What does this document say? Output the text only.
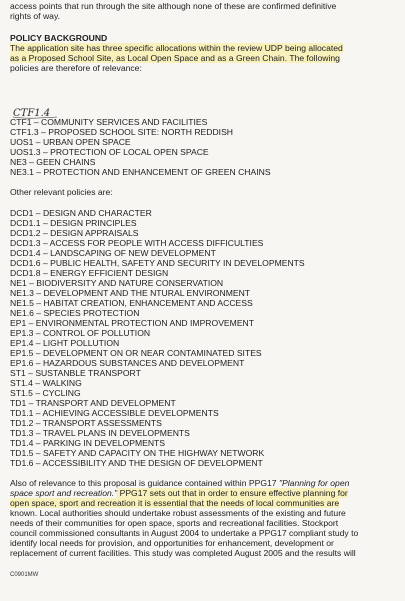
access points that run through the site although none of these are confirmed definitive
rights of way.
POLICY BACKGROUND
The application site has three specific allocations within the review UDP being allocated
as a Proposed School Site, as Local Open Space and as a Green Chain. The following
policies are therefore of relevance:
CTF1.4
CTF1 – COMMUNITY SERVICES AND FACILITIES
CTF1.3 – PROPOSED SCHOOL SITE: NORTH REDDISH
UOS1 – URBAN OPEN SPACE
UOS1.3 – PROTECTION OF LOCAL OPEN SPACE
NE3 – GEEN CHAINS
NE3.1 – PROTECTION AND ENHANCEMENT OF GREEN CHAINS
Other relevant policies are:
DCD1 – DESIGN AND CHARACTER
DCD1.1 – DESIGN PRINCIPLES
DCD1.2 – DESIGN APPRAISALS
DCD1.3 – ACCESS FOR PEOPLE WITH ACCESS DIFFICULTIES
DCD1.4 – LANDSCAPING OF NEW DEVELOPMENT
DCD1.6 – PUBLIC HEALTH, SAFETY AND SECURITY IN DEVELOPMENTS
DCD1.8 – ENERGY EFFICIENT DESIGN
NE1 – BIODIVERSITY AND NATURE CONSERVATION
NE1.3 – DEVELOPMENT AND THE NTURAL ENVIRONMENT
NE1.5 – HABITAT CREATION, ENHANCEMENT AND ACCESS
NE1.6 – SPECIES PROTECTION
EP1 – ENVIRONMENTAL PROTECTION AND IMPROVEMENT
EP1.3 – CONTROL OF POLLUTION
EP1.4 – LIGHT POLLUTION
EP1.5 – DEVELOPMENT ON OR NEAR CONTAMINATED SITES
EP1.6 – HAZARDOUS SUBSTANCES AND DEVELOPMENT
ST1 – SUSTANBLE TRANSPORT
ST1.4 – WALKING
ST1.5 – CYCLING
TD1 – TRANSPORT AND DEVELOPMENT
TD1.1 – ACHIEVING ACCESSIBLE DEVELOPMENTS
TD1.2 – TRANSPORT ASSESSMENTS
TD1.3 – TRAVEL PLANS IN DEVELOPMENTS
TD1.4 – PARKING IN DEVELOPMENTS
TD1.5 – SAFETY AND CAPACITY ON THE HIGHWAY NETWORK
TD1.6 – ACCESSIBILITY AND THE DESIGN OF DEVELOPMENT
Also of relevance to this proposal is guidance contained within PPG17 "Planning for open
space sport and recreation." PPG17 sets out that in order to ensure effective planning for
open space, sport and recreation it is essential that the needs of local communities are
known. Local authorities should undertake robust assessments of the existing and future
needs of their communities for open space, sports and recreational facilities. Stockport
council commissioned consultants in August 2004 to undertake a PPG17 compliant study to
identify local needs for provision, and opportunities for enhancement, development or
replacement of current facilities. This study was completed August 2005 and the results will
C0901MW
